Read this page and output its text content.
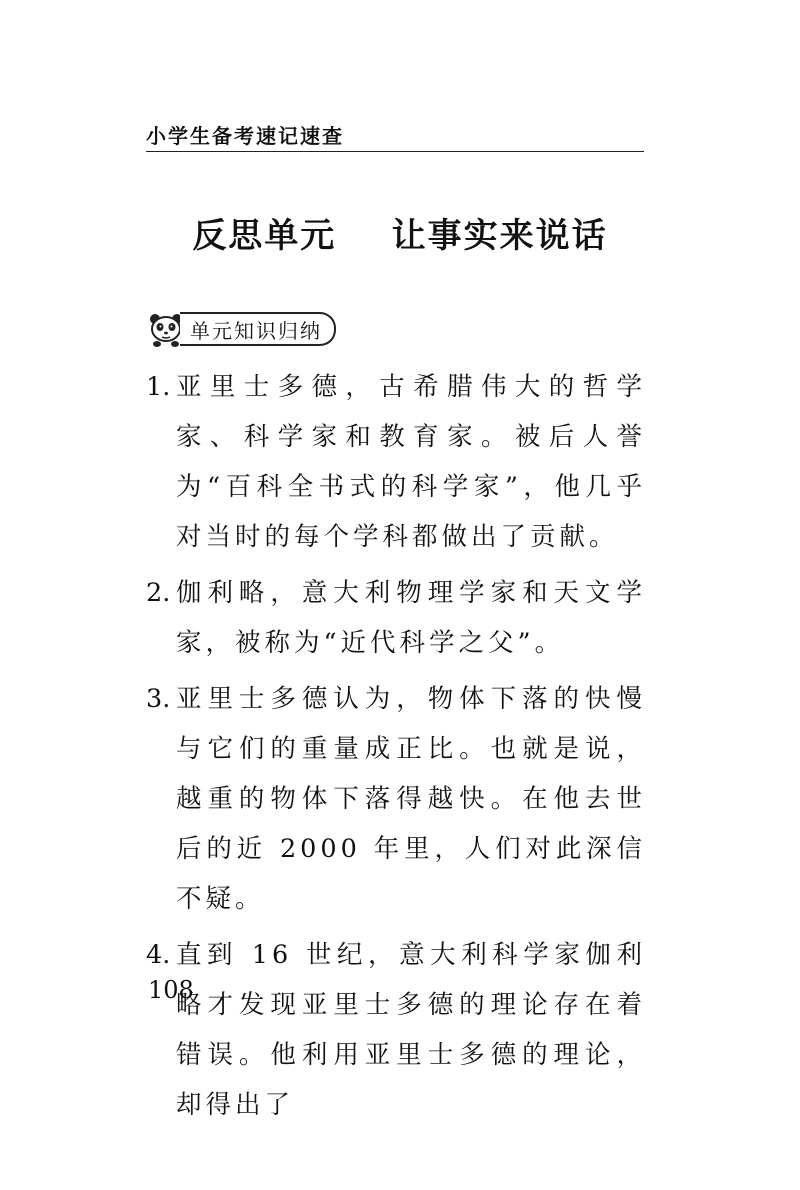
小学生备考速记速查
反思单元    让事实来说话
单元知识归纳
1. 亚里士多德，古希腊伟大的哲学家、科学家和教育家。被后人誉为“百科全书式的科学家”，他几乎对当时的每个学科都做出了贡献。
2. 伽利略，意大利物理学家和天文学家，被称为“近代科学之父”。
3. 亚里士多德认为，物体下落的快慢与它们的重量成正比。也就是说，越重的物体下落得越快。在他去世后的近 2000 年里，人们对此深信不疑。
4. 直到 16 世纪，意大利科学家伽利略才发现亚里士多德的理论存在着错误。他利用亚里士多德的理论，却得出了
108
